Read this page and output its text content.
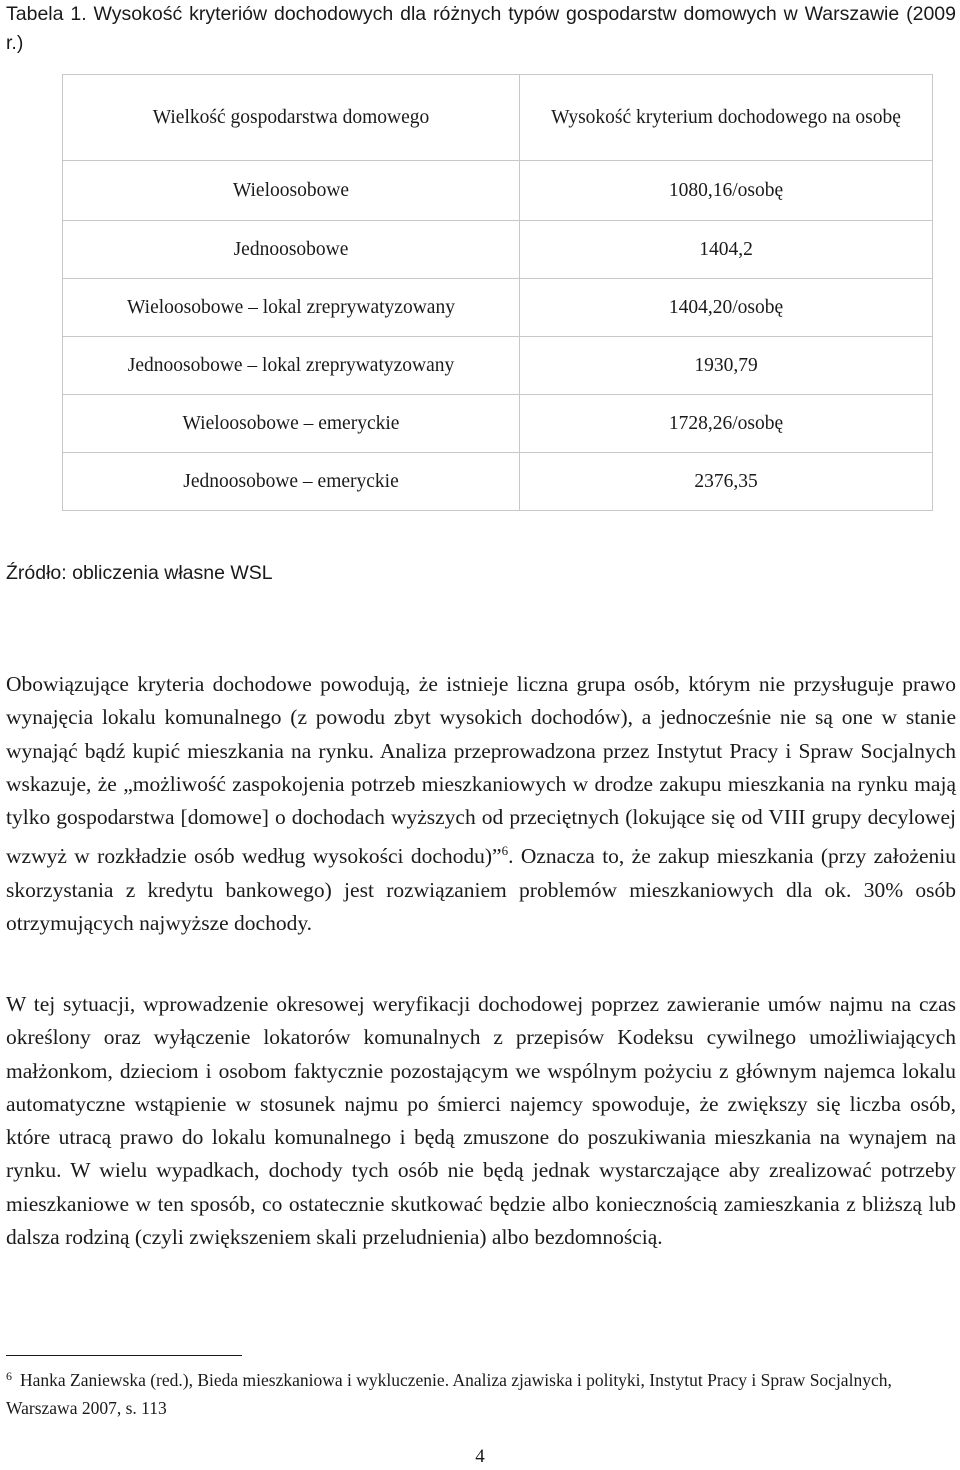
Tabela 1. Wysokość kryteriów dochodowych dla różnych typów gospodarstw domowych w Warszawie (2009 r.)
Wielkość gospodarstwa domowego	Wysokość kryterium dochodowego na osobę
Wieloosobowe	1080,16/osobę
Jednoosobowe	1404,2
Wieloosobowe – lokal zreprywatyzowany	1404,20/osobę
Jednoosobowe – lokal zreprywatyzowany	1930,79
Wieloosobowe – emeryckie	1728,26/osobę
Jednoosobowe – emeryckie	2376,35
Źródło: obliczenia własne WSL

Obowiązujące kryteria dochodowe powodują, że istnieje liczna grupa osób, którym nie przysługuje prawo wynajęcia lokalu komunalnego (z powodu zbyt wysokich dochodów), a jednocześnie nie są one w stanie wynająć bądź kupić mieszkania na rynku. Analiza przeprowadzona przez Instytut Pracy i Spraw Socjalnych wskazuje, że „możliwość zaspokojenia potrzeb mieszkaniowych w drodze zakupu mieszkania na rynku mają tylko gospodarstwa [domowe] o dochodach wyższych od przeciętnych (lokujące się od VIII grupy decylowej wzwyż w rozkładzie osób według wysokości dochodu)”$^6$. Oznacza to, że zakup mieszkania (przy założeniu skorzystania z kredytu bankowego) jest rozwiązaniem problemów mieszkaniowych dla ok. 30% osób otrzymujących najwyższe dochody.

W tej sytuacji, wprowadzenie okresowej weryfikacji dochodowej poprzez zawieranie umów najmu na czas określony oraz wyłączenie lokatorów komunalnych z przepisów Kodeksu cywilnego umożliwiających małżonkom, dzieciom i osobom faktycznie pozostającym we wspólnym pożyciu z głównym najemca lokalu automatyczne wstąpienie w stosunek najmu po śmierci najemcy spowoduje, że zwiększy się liczba osób, które utracą prawo do lokalu komunalnego i będą zmuszone do poszukiwania mieszkania na wynajem na rynku. W wielu wypadkach, dochody tych osób nie będą jednak wystarczające aby zrealizować potrzeby mieszkaniowe w ten sposób, co ostatecznie skutkować będzie albo koniecznością zamieszkania z bliższą lub dalsza rodziną (czyli zwiększeniem skali przeludnienia) albo bezdomnością.

$^6$ Hanka Zaniewska (red.), Bieda mieszkaniowa i wykluczenie. Analiza zjawiska i polityki, Instytut Pracy i Spraw Socjalnych, Warszawa 2007, s. 113

4
